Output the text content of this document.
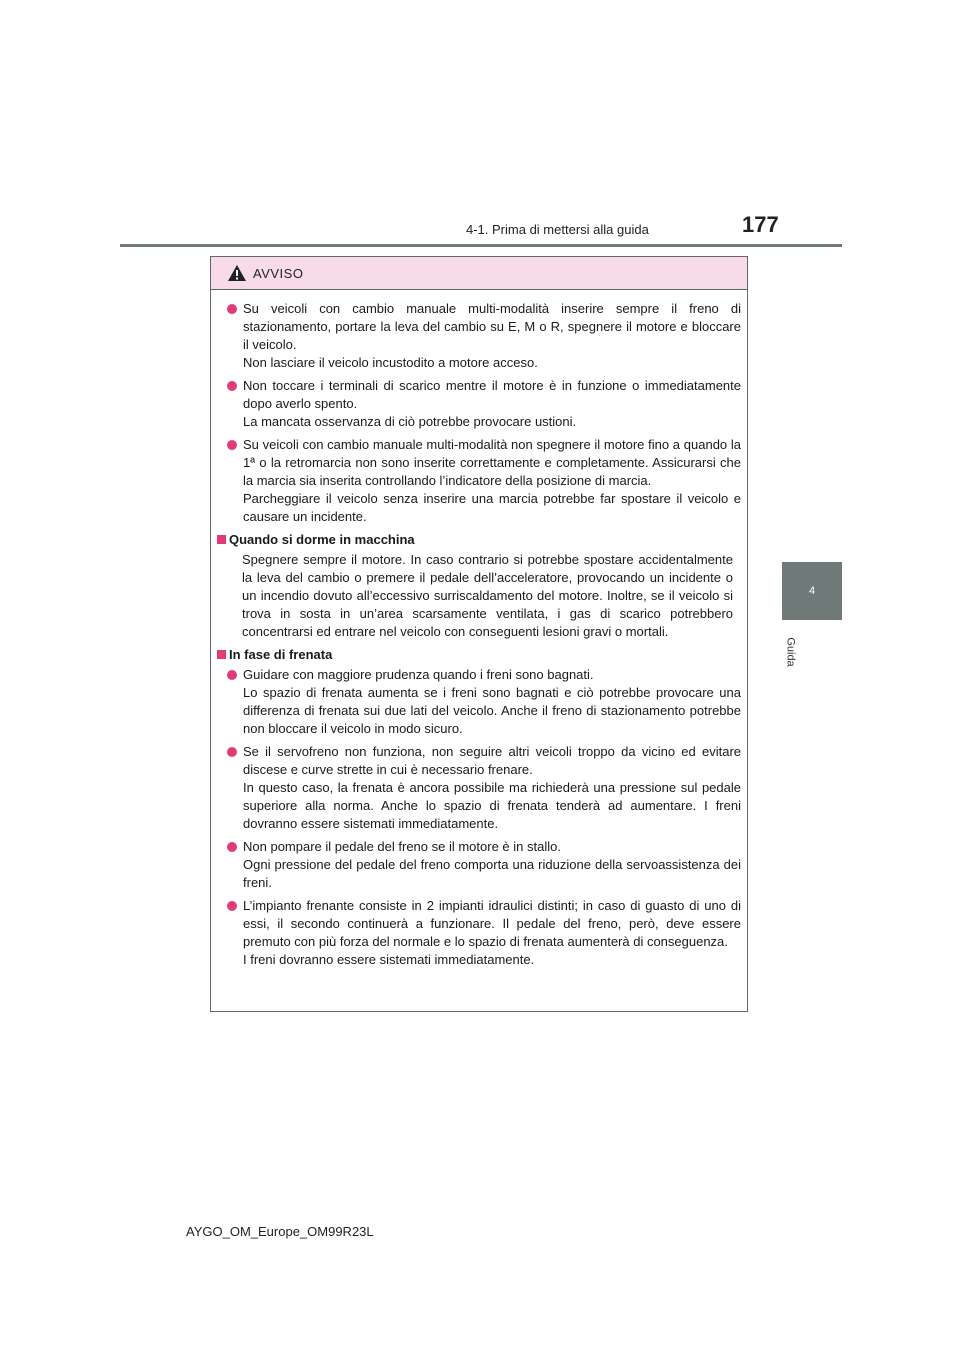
4-1. Prima di mettersi alla guida	177
4
Guida
AVVISO

Su veicoli con cambio manuale multi-modalità inserire sempre il freno di stazionamento, portare la leva del cambio su E, M o R, spegnere il motore e bloccare il veicolo.

Non lasciare il veicolo incustodito a motore acceso.

Non toccare i terminali di scarico mentre il motore è in funzione o immediatamente dopo averlo spento.

La mancata osservanza di ciò potrebbe provocare ustioni.

Su veicoli con cambio manuale multi-modalità non spegnere il motore fino a quando la 1ª o la retromarcia non sono inserite correttamente e completamente. Assicurarsi che la marcia sia inserita controllando l’indicatore della posizione di marcia.

Parcheggiare il veicolo senza inserire una marcia potrebbe far spostare il veicolo e causare un incidente.

Quando si dorme in macchina

Spegnere sempre il motore. In caso contrario si potrebbe spostare accidentalmente la leva del cambio o premere il pedale dell’acceleratore, provocando un incidente o un incendio dovuto all’eccessivo surriscaldamento del motore. Inoltre, se il veicolo si trova in sosta in un’area scarsamente ventilata, i gas di scarico potrebbero concentrarsi ed entrare nel veicolo con conseguenti lesioni gravi o mortali.

In fase di frenata

Guidare con maggiore prudenza quando i freni sono bagnati.

Lo spazio di frenata aumenta se i freni sono bagnati e ciò potrebbe provocare una differenza di frenata sui due lati del veicolo. Anche il freno di stazionamento potrebbe non bloccare il veicolo in modo sicuro.

Se il servofreno non funziona, non seguire altri veicoli troppo da vicino ed evitare discese e curve strette in cui è necessario frenare.

In questo caso, la frenata è ancora possibile ma richiederà una pressione sul pedale superiore alla norma. Anche lo spazio di frenata tenderà ad aumentare. I freni dovranno essere sistemati immediatamente.

Non pompare il pedale del freno se il motore è in stallo.

Ogni pressione del pedale del freno comporta una riduzione della servoassistenza dei freni.

L’impianto frenante consiste in 2 impianti idraulici distinti; in caso di guasto di uno di essi, il secondo continuerà a funzionare. Il pedale del freno, però, deve essere premuto con più forza del normale e lo spazio di frenata aumenterà di conseguenza.

I freni dovranno essere sistemati immediatamente.

AYGO_OM_Europe_OM99R23L
